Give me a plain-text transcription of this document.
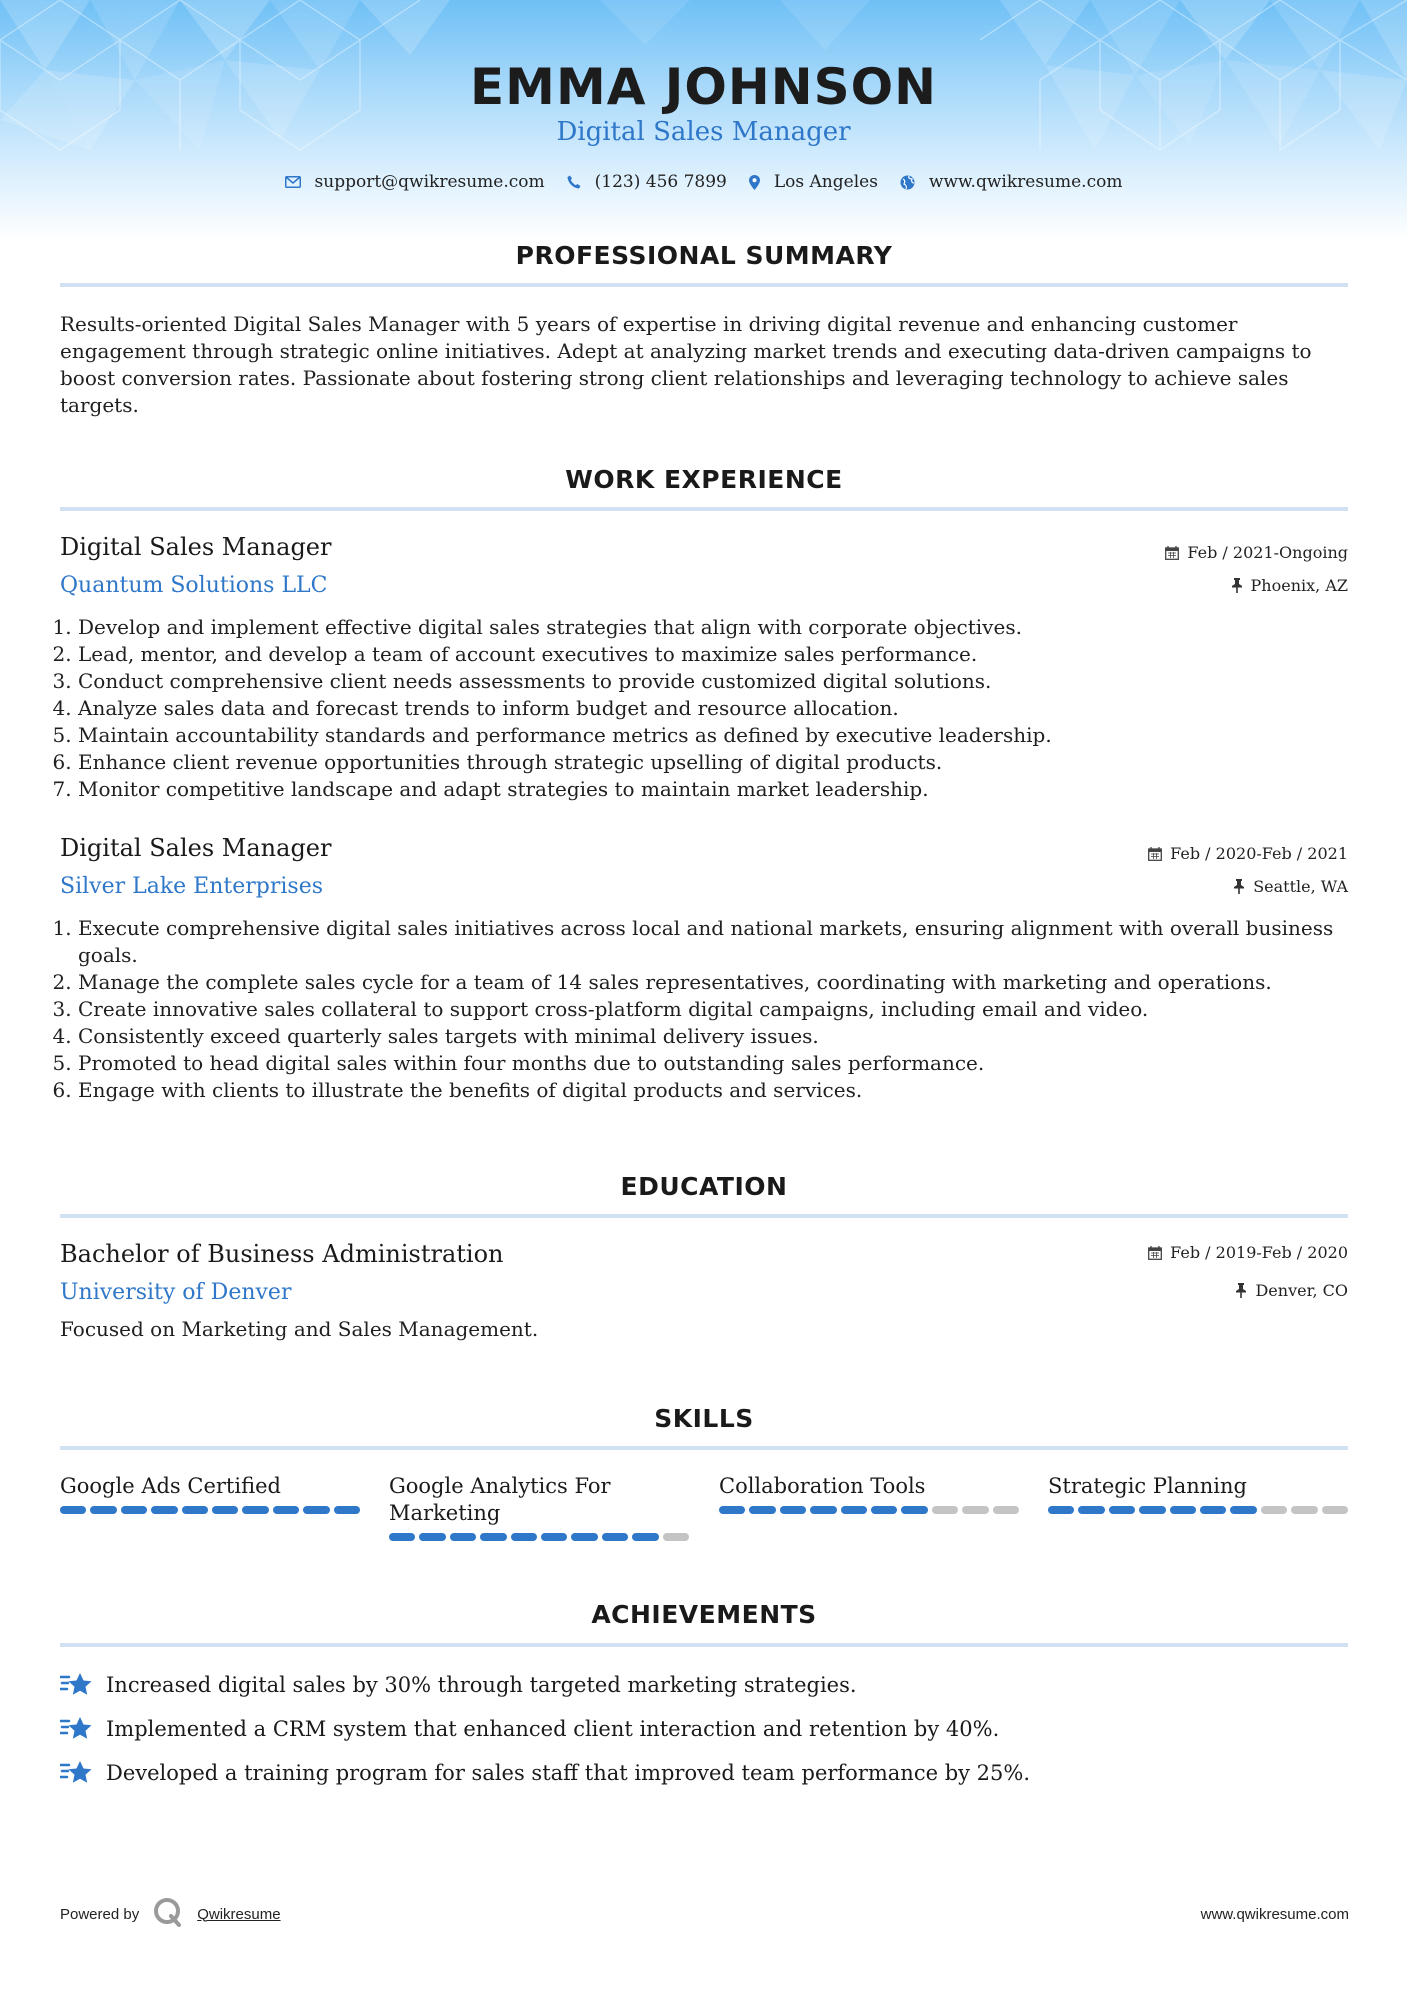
EMMA JOHNSON
Digital Sales Manager
support@qwikresume.com	(123) 456 7899	Los Angeles	www.qwikresume.com
PROFESSIONAL SUMMARY
Results-oriented Digital Sales Manager with 5 years of expertise in driving digital revenue and enhancing customer
engagement through strategic online initiatives. Adept at analyzing market trends and executing data-driven campaigns to
boost conversion rates. Passionate about fostering strong client relationships and leveraging technology to achieve sales
targets.
WORK EXPERIENCE
Digital Sales Manager	Feb / 2021-Ongoing
Quantum Solutions LLC	Phoenix, AZ
1. Develop and implement effective digital sales strategies that align with corporate objectives.
2. Lead, mentor, and develop a team of account executives to maximize sales performance.
3. Conduct comprehensive client needs assessments to provide customized digital solutions.
4. Analyze sales data and forecast trends to inform budget and resource allocation.
5. Maintain accountability standards and performance metrics as defined by executive leadership.
6. Enhance client revenue opportunities through strategic upselling of digital products.
7. Monitor competitive landscape and adapt strategies to maintain market leadership.
Digital Sales Manager	Feb / 2020-Feb / 2021
Silver Lake Enterprises	Seattle, WA
1. Execute comprehensive digital sales initiatives across local and national markets, ensuring alignment with overall business goals.
2. Manage the complete sales cycle for a team of 14 sales representatives, coordinating with marketing and operations.
3. Create innovative sales collateral to support cross-platform digital campaigns, including email and video.
4. Consistently exceed quarterly sales targets with minimal delivery issues.
5. Promoted to head digital sales within four months due to outstanding sales performance.
6. Engage with clients to illustrate the benefits of digital products and services.
EDUCATION
Bachelor of Business Administration	Feb / 2019-Feb / 2020
University of Denver	Denver, CO
Focused on Marketing and Sales Management.
SKILLS
Google Ads Certified	Google Analytics For Marketing
Collaboration Tools	Strategic Planning
ACHIEVEMENTS
Increased digital sales by 30% through targeted marketing strategies.
Implemented a CRM system that enhanced client interaction and retention by 40%.
Developed a training program for sales staff that improved team performance by 25%.
Powered by	Qwikresume	www.qwikresume.com
